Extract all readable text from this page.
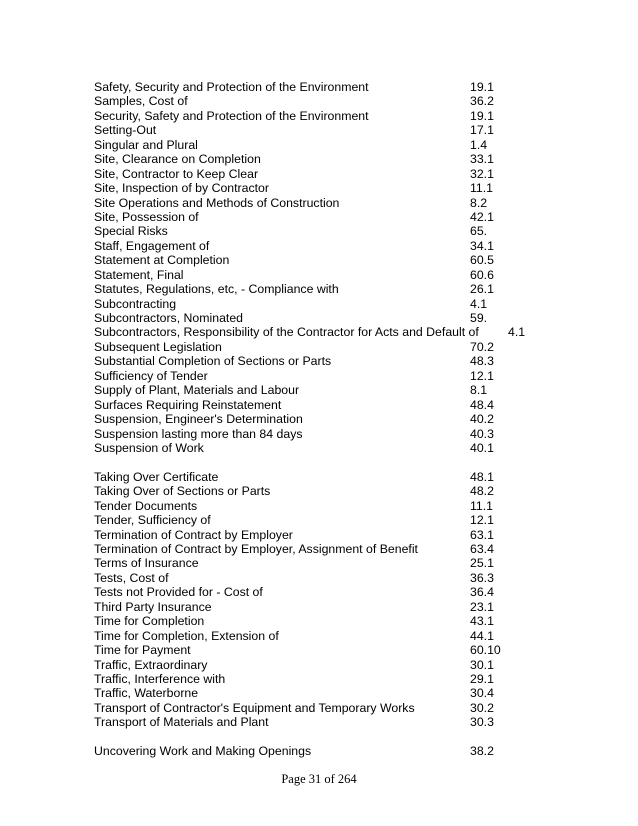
Safety, Security and Protection of the Environment	19.1
Samples, Cost of	36.2
Security, Safety and Protection of the Environment	19.1
Setting-Out	17.1
Singular and Plural	1.4
Site, Clearance on Completion	33.1
Site, Contractor to Keep Clear	32.1
Site, Inspection of by Contractor	11.1
Site Operations and Methods of Construction	8.2
Site, Possession of	42.1
Special Risks	65.
Staff, Engagement of	34.1
Statement at Completion	60.5
Statement, Final	60.6
Statutes, Regulations, etc, - Compliance with	26.1
Subcontracting	4.1
Subcontractors, Nominated	59.
Subcontractors, Responsibility of the Contractor for Acts and Default of 4.1
Subsequent Legislation	70.2
Substantial Completion of Sections or Parts	48.3
Sufficiency of Tender	12.1
Supply of Plant, Materials and Labour	8.1
Surfaces Requiring Reinstatement	48.4
Suspension, Engineer's Determination	40.2
Suspension lasting more than 84 days	40.3
Suspension of Work	40.1
Taking Over Certificate	48.1
Taking Over of Sections or Parts	48.2
Tender Documents	11.1
Tender, Sufficiency of	12.1
Termination of Contract by Employer	63.1
Termination of Contract by Employer, Assignment of Benefit	63.4
Terms of Insurance	25.1
Tests, Cost of	36.3
Tests not Provided for - Cost of	36.4
Third Party Insurance	23.1
Time for Completion	43.1
Time for Completion, Extension of	44.1
Time for Payment	60.10
Traffic, Extraordinary	30.1
Traffic, Interference with	29.1
Traffic, Waterborne	30.4
Transport of Contractor's Equipment and Temporary Works	30.2
Transport of Materials and Plant	30.3
Uncovering Work and Making Openings	38.2
Page 31 of 264
